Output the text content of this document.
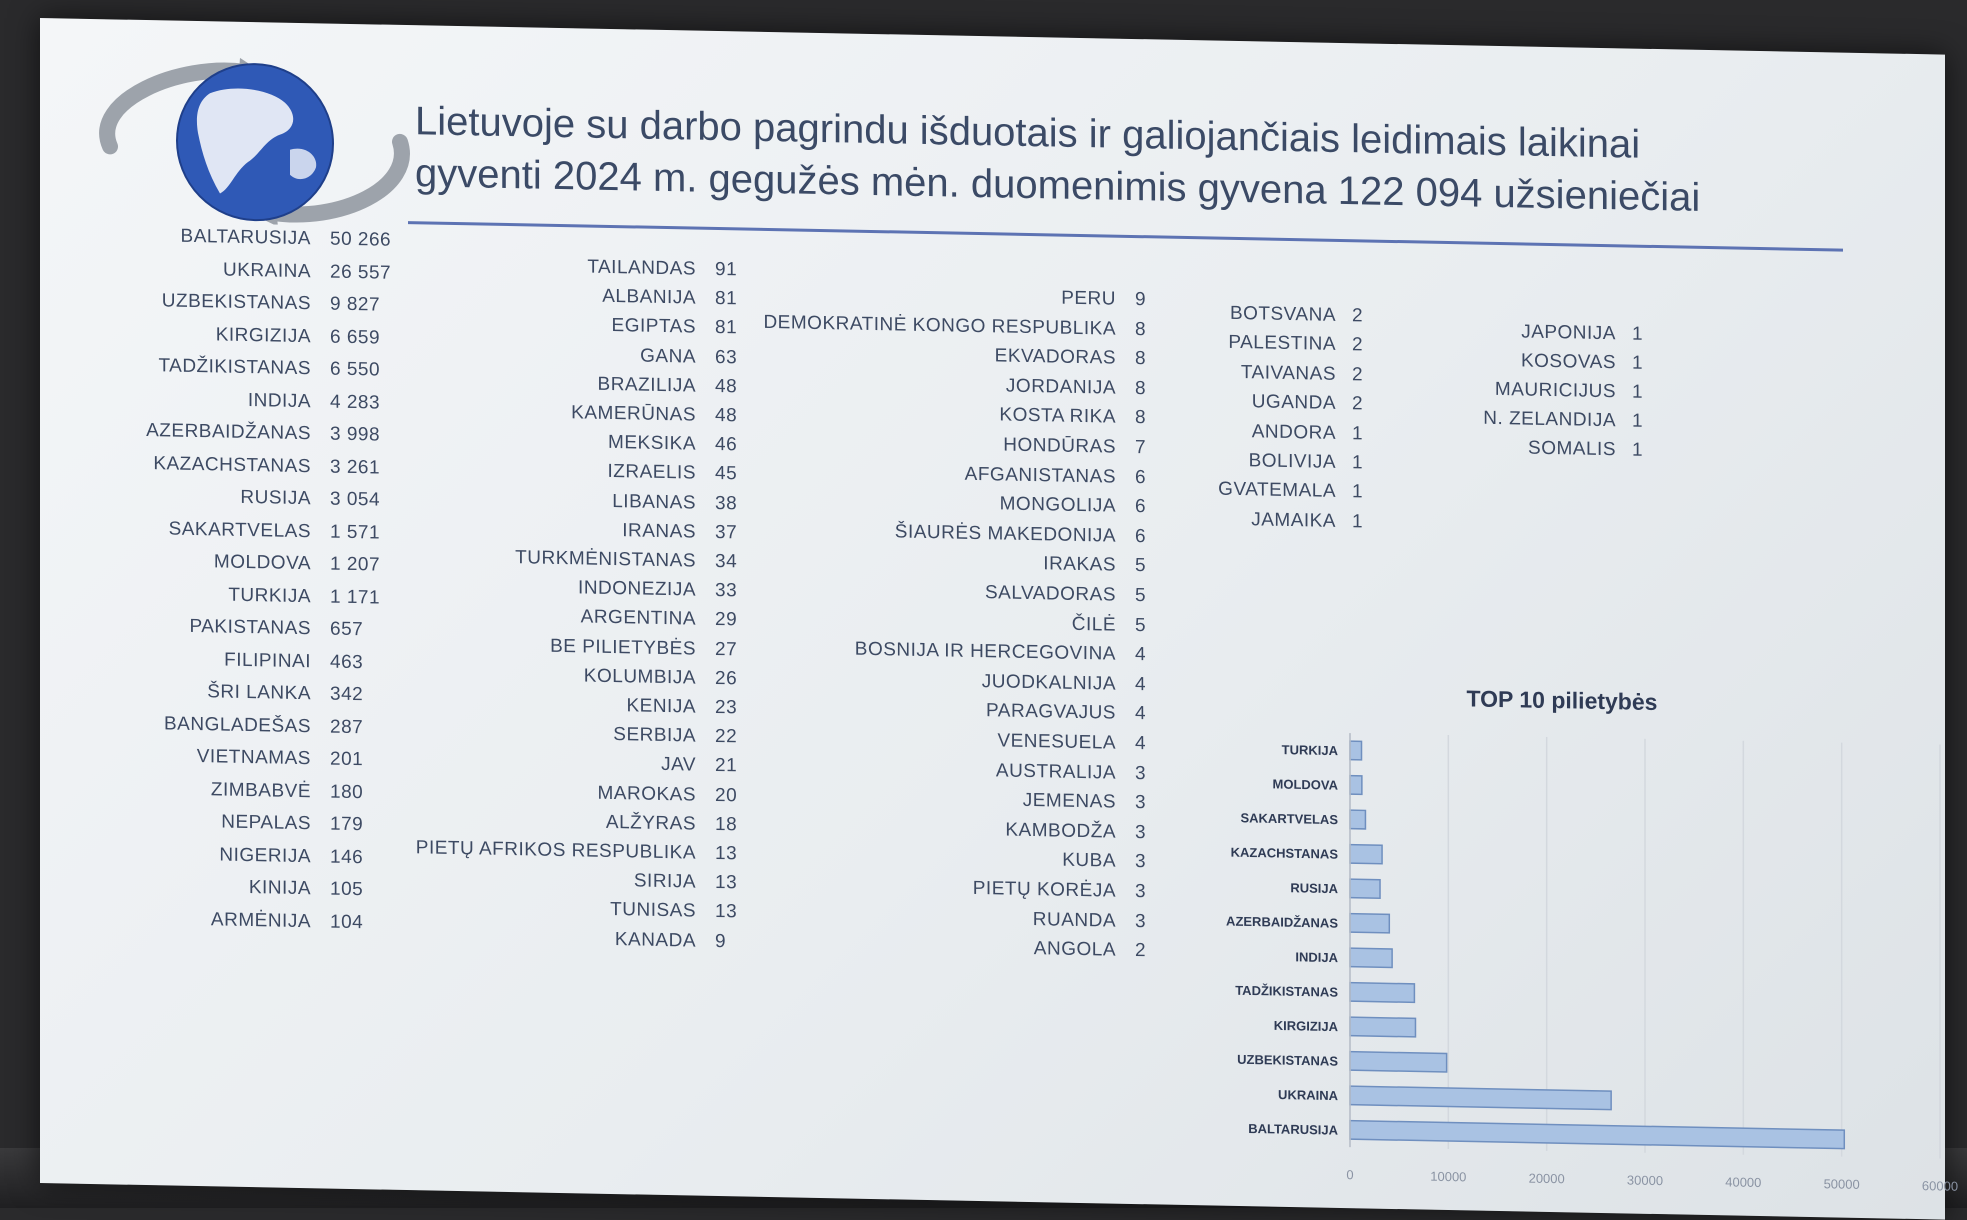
Lietuvoje su darbo pagrindu išduotais ir galiojančiais leidimais laikinai
gyventi 2024 m. gegužės mėn. duomenimis gyvena 122 094 užsieniečiai
BALTARUSIJA 50 266
UKRAINA 26 557
UZBEKISTANAS 9 827
KIRGIZIJA 6 659
TADŽIKISTANAS 6 550
INDIJA 4 283
AZERBAIDŽANAS 3 998
KAZACHSTANAS 3 261
RUSIJA 3 054
SAKARTVELAS 1 571
MOLDOVA 1 207
TURKIJA 1 171
PAKISTANAS 657
FILIPINAI 463
ŠRI LANKA 342
BANGLADEŠAS 287
VIETNAMAS 201
ZIMBABVĖ 180
NEPALAS 179
NIGERIJA 146
KINIJA 105
ARMĖNIJA 104
TAILANDAS 91
ALBANIJA 81
EGIPTAS 81
GANA 63
BRAZILIJA 48
KAMERŪNAS 48
MEKSIKA 46
IZRAELIS 45
LIBANAS 38
IRANAS 37
TURKMĖNISTANAS 34
INDONEZIJA 33
ARGENTINA 29
BE PILIETYBĖS 27
KOLUMBIJA 26
KENIJA 23
SERBIJA 22
JAV 21
MAROKAS 20
ALŽYRAS 18
PIETŲ AFRIKOS RESPUBLIKA 13
SIRIJA 13
TUNISAS 13
KANADA 9
PERU 9
DEMOKRATINĖ KONGO RESPUBLIKA 8
EKVADORAS 8
JORDANIJA 8
KOSTA RIKA 8
HONDŪRAS 7
AFGANISTANAS 6
MONGOLIJA 6
ŠIAURĖS MAKEDONIJA 6
IRAKAS 5
SALVADORAS 5
ČILĖ 5
BOSNIJA IR HERCEGOVINA 4
JUODKALNIJA 4
PARAGVAJUS 4
VENESUELA 4
AUSTRALIJA 3
JEMENAS 3
KAMBODŽA 3
KUBA 3
PIETŲ KORĖJA 3
RUANDA 3
ANGOLA 2
BOTSVANA 2
PALESTINA 2
TAIVANAS 2
UGANDA 2
ANDORA 1
BOLIVIJA 1
GVATEMALA 1
JAMAIKA 1
JAPONIJA 1
KOSOVAS 1
MAURICIJUS 1
N. ZELANDIJA 1
SOMALIS 1
TOP 10 pilietybės
0	10000	20000	30000	40000	50000	60000
TURKIJA
MOLDOVA
SAKARTVELAS
KAZACHSTANAS
RUSIJA
AZERBAIDŽANAS
INDIJA
TADŽIKISTANAS
KIRGIZIJA
UZBEKISTANAS
UKRAINA
BALTARUSIJA
